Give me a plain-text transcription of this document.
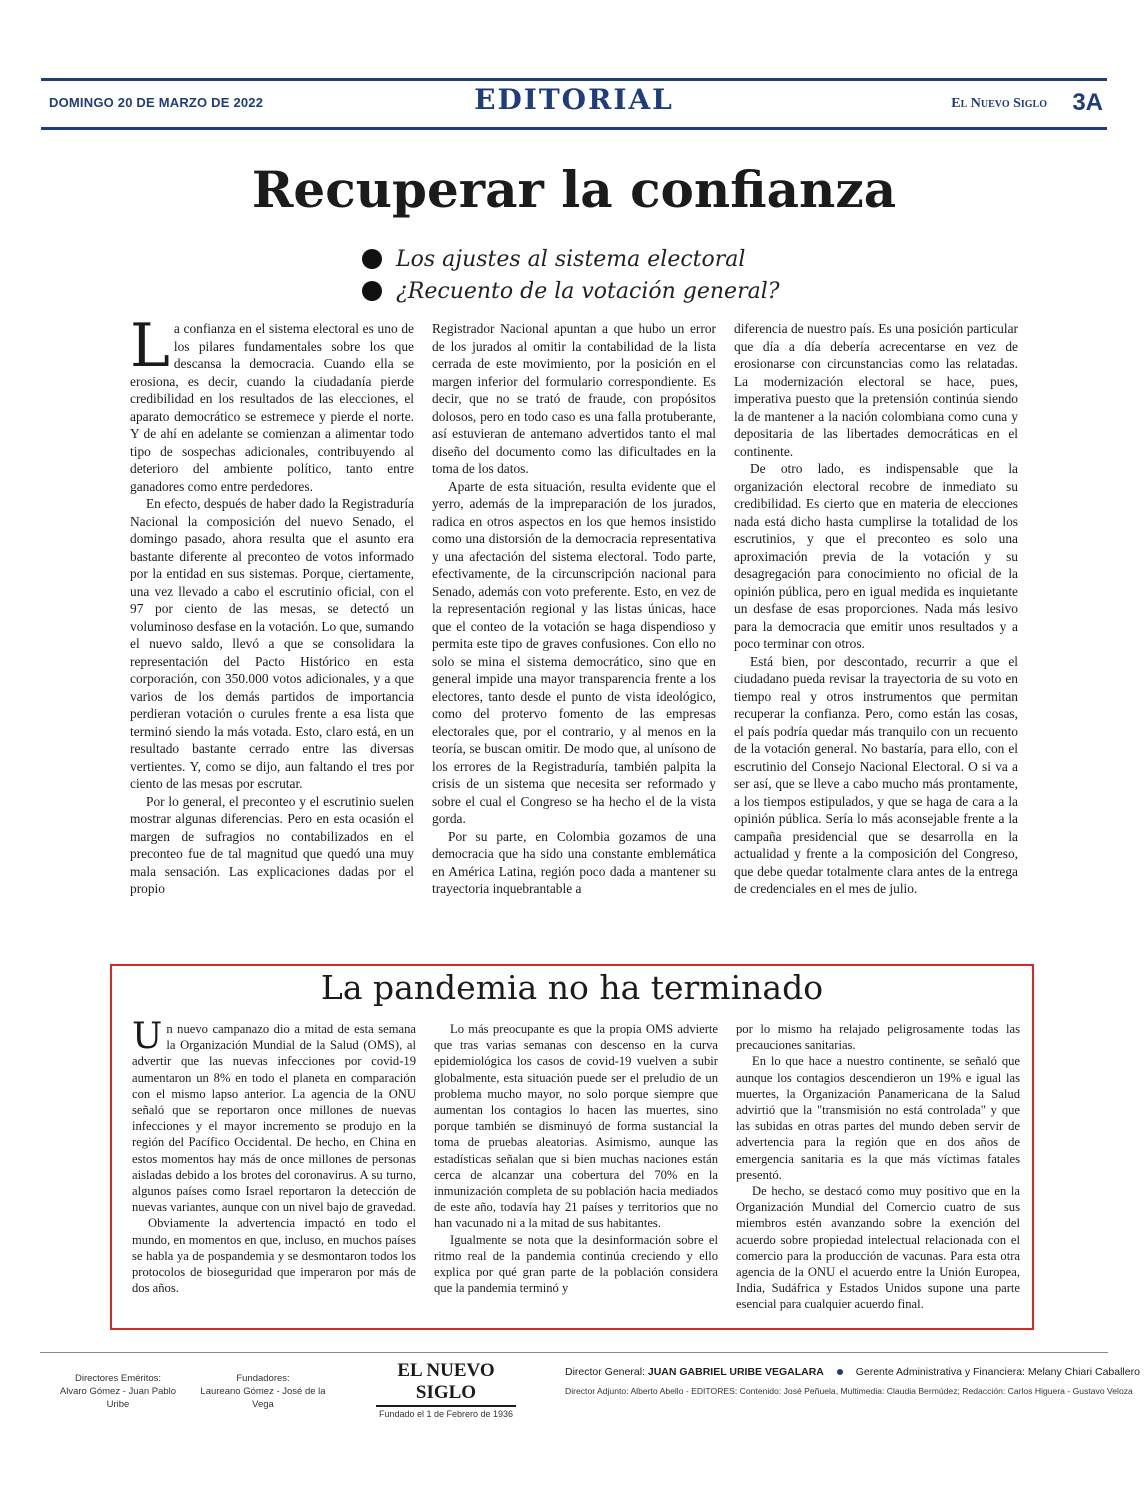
DOMINGO 20 DE MARZO DE 2022	EDITORIAL	El Nuevo Siglo 3A
Recuperar la confianza
Los ajustes al sistema electoral
¿Recuento de la votación general?

La confianza en el sistema electoral es uno de los pilares fundamentales sobre los que descansa la democracia. Cuando ella se erosiona, es decir, cuando la ciudadanía pierde credibilidad en los resultados de las elecciones, el aparato democrático se estremece y pierde el norte. Y de ahí en adelante se comienzan a alimentar todo tipo de sospechas adicionales, contribuyendo al deterioro del ambiente político, tanto entre ganadores como entre perdedores.

En efecto, después de haber dado la Registraduría Nacional la composición del nuevo Senado, el domingo pasado, ahora resulta que el asunto era bastante diferente al preconteo de votos informado por la entidad en sus sistemas. Porque, ciertamente, una vez llevado a cabo el escrutinio oficial, con el 97 por ciento de las mesas, se detectó un voluminoso desfase en la votación. Lo que, sumando el nuevo saldo, llevó a que se consolidara la representación del Pacto Histórico en esta corporación, con 350.000 votos adicionales, y a que varios de los demás partidos de importancia perdieran votación o curules frente a esa lista que terminó siendo la más votada. Esto, claro está, en un resultado bastante cerrado entre las diversas vertientes. Y, como se dijo, aun faltando el tres por ciento de las mesas por escrutar.

Por lo general, el preconteo y el escrutinio suelen mostrar algunas diferencias. Pero en esta ocasión el margen de sufragios no contabilizados en el preconteo fue de tal magnitud que quedó una muy mala sensación. Las explicaciones dadas por el propio

Registrador Nacional apuntan a que hubo un error de los jurados al omitir la contabilidad de la lista cerrada de este movimiento, por la posición en el margen inferior del formulario correspondiente. Es decir, que no se trató de fraude, con propósitos dolosos, pero en todo caso es una falla protuberante, así estuvieran de antemano advertidos tanto el mal diseño del documento como las dificultades en la toma de los datos.

Aparte de esta situación, resulta evidente que el yerro, además de la impreparación de los jurados, radica en otros aspectos en los que hemos insistido como una distorsión de la democracia representativa y una afectación del sistema electoral. Todo parte, efectivamente, de la circunscripción nacional para Senado, además con voto preferente. Esto, en vez de la representación regional y las listas únicas, hace que el conteo de la votación se haga dispendioso y permita este tipo de graves confusiones. Con ello no solo se mina el sistema democrático, sino que en general impide una mayor transparencia frente a los electores, tanto desde el punto de vista ideológico, como del protervo fomento de las empresas electorales que, por el contrario, y al menos en la teoría, se buscan omitir. De modo que, al unísono de los errores de la Registraduría, también palpita la crisis de un sistema que necesita ser reformado y sobre el cual el Congreso se ha hecho el de la vista gorda.

Por su parte, en Colombia gozamos de una democracia que ha sido una constante emblemática en América Latina, región poco dada a mantener su trayectoria inquebrantable a

diferencia de nuestro país. Es una posición particular que día a día debería acrecentarse en vez de erosionarse con circunstancias como las relatadas. La modernización electoral se hace, pues, imperativa puesto que la pretensión continúa siendo la de mantener a la nación colombiana como cuna y depositaria de las libertades democráticas en el continente.

De otro lado, es indispensable que la organización electoral recobre de inmediato su credibilidad. Es cierto que en materia de elecciones nada está dicho hasta cumplirse la totalidad de los escrutinios, y que el preconteo es solo una aproximación previa de la votación y su desagregación para conocimiento no oficial de la opinión pública, pero en igual medida es inquietante un desfase de esas proporciones. Nada más lesivo para la democracia que emitir unos resultados y a poco terminar con otros.

Está bien, por descontado, recurrir a que el ciudadano pueda revisar la trayectoria de su voto en tiempo real y otros instrumentos que permitan recuperar la confianza. Pero, como están las cosas, el país podría quedar más tranquilo con un recuento de la votación general. No bastaría, para ello, con el escrutinio del Consejo Nacional Electoral. O si va a ser así, que se lleve a cabo mucho más prontamente, a los tiempos estipulados, y que se haga de cara a la opinión pública. Sería lo más aconsejable frente a la campaña presidencial que se desarrolla en la actualidad y frente a la composición del Congreso, que debe quedar totalmente clara antes de la entrega de credenciales en el mes de julio.

La pandemia no ha terminado

Un nuevo campanazo dio a mitad de esta semana la Organización Mundial de la Salud (OMS), al advertir que las nuevas infecciones por covid-19 aumentaron un 8% en todo el planeta en comparación con el mismo lapso anterior. La agencia de la ONU señaló que se reportaron once millones de nuevas infecciones y el mayor incremento se produjo en la región del Pacífico Occidental. De hecho, en China en estos momentos hay más de once millones de personas aisladas debido a los brotes del coronavirus. A su turno, algunos países como Israel reportaron la detección de nuevas variantes, aunque con un nivel bajo de gravedad.

Obviamente la advertencia impactó en todo el mundo, en momentos en que, incluso, en muchos países se habla ya de pospandemia y se desmontaron todos los protocolos de bioseguridad que imperaron por más de dos años.

Lo más preocupante es que la propia OMS advierte que tras varias semanas con descenso en la curva epidemiológica los casos de covid-19 vuelven a subir globalmente, esta situación puede ser el preludio de un problema mucho mayor, no solo porque siempre que aumentan los contagios lo hacen las muertes, sino porque también se disminuyó de forma sustancial la toma de pruebas aleatorias. Asimismo, aunque las estadísticas señalan que si bien muchas naciones están cerca de alcanzar una cobertura del 70% en la inmunización completa de su población hacia mediados de este año, todavía hay 21 países y territorios que no han vacunado ni a la mitad de sus habitantes.

Igualmente se nota que la desinformación sobre el ritmo real de la pandemia continúa creciendo y ello explica por qué gran parte de la población considera que la pandemia terminó y

por lo mismo ha relajado peligrosamente todas las precauciones sanitarias.

En lo que hace a nuestro continente, se señaló que aunque los contagios descendieron un 19% e igual las muertes, la Organización Panamericana de la Salud advirtió que la "transmisión no está controlada" y que las subidas en otras partes del mundo deben servir de advertencia para la región que en dos años de emergencia sanitaria es la que más víctimas fatales presentó.

De hecho, se destacó como muy positivo que en la Organización Mundial del Comercio cuatro de sus miembros estén avanzando sobre la exención del acuerdo sobre propiedad intelectual relacionada con el comercio para la producción de vacunas. Para esta otra agencia de la ONU el acuerdo entre la Unión Europea, India, Sudáfrica y Estados Unidos supone una parte esencial para cualquier acuerdo final.

Directores Eméritos:
Alvaro Gómez - Juan Pablo Uribe
Fundadores:
Laureano Gómez - José de la Vega
EL NUEVO SIGLO
Fundado el 1 de Febrero de 1936
Director General: JUAN GABRIEL URIBE VEGALARA	Gerente Administrativa y Financiera: Melany Chiari Caballero
Director Adjunto: Alberto Abello - EDITORES: Contenido: José Peñuela, Multimedia: Claudia Bermúdez; Redacción: Carlos Higuera - Gustavo Veloza
